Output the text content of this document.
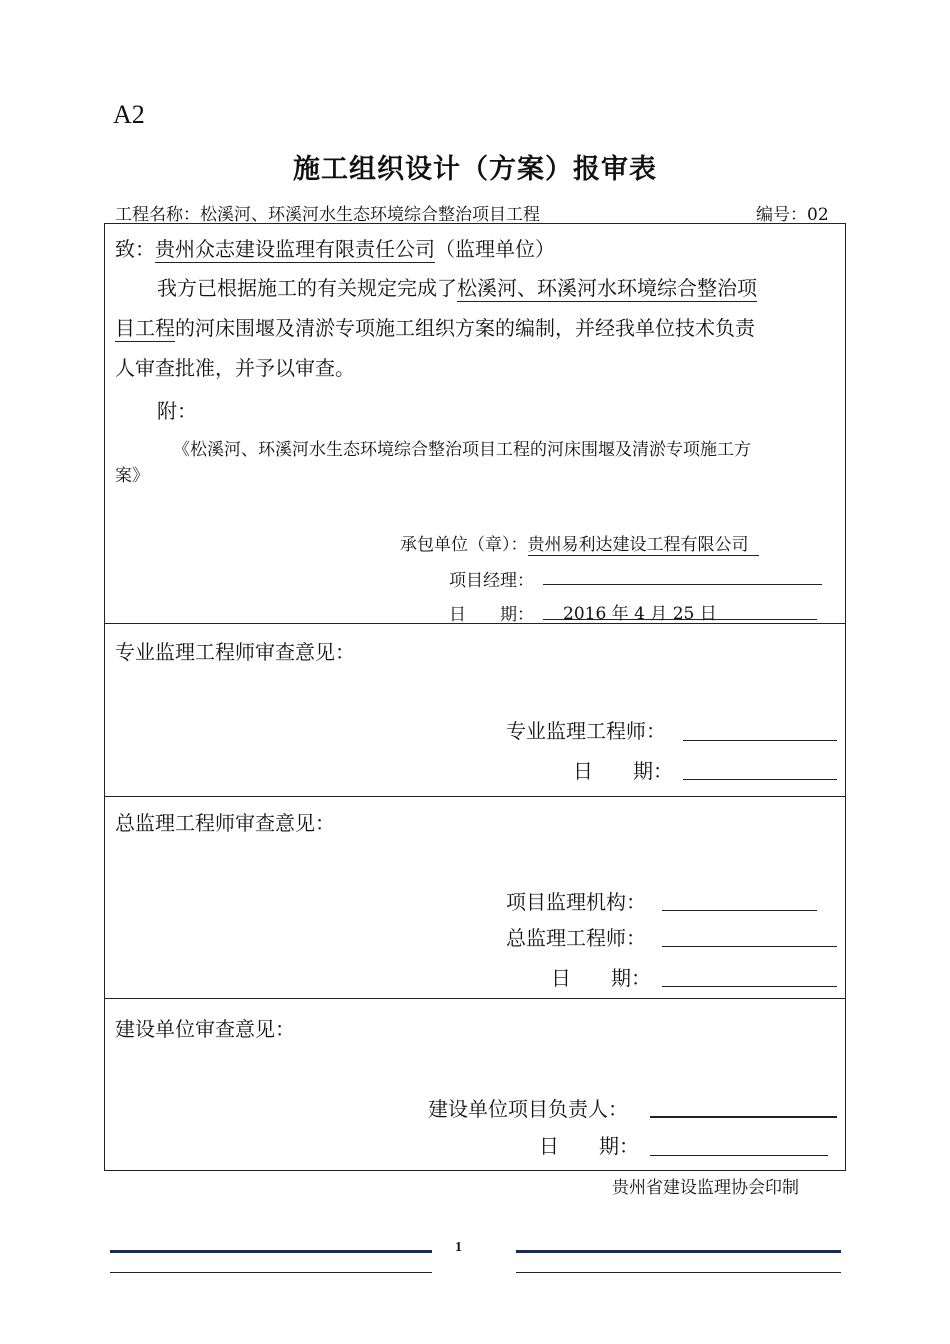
A2
施工组织设计（方案）报审表
工程名称：松溪河、环溪河水生态环境综合整治项目工程	编号：02
致：贵州众志建设监理有限责任公司（监理单位）
我方已根据施工的有关规定完成了松溪河、环溪河水环境综合整治项
目工程的河床围堰及清淤专项施工组织方案的编制，并经我单位技术负责
人审查批准，并予以审查。
附：
《松溪河、环溪河水生态环境综合整治项目工程的河床围堰及清淤专项施工方
案》
承包单位（章）：贵州易利达建设工程有限公司
项目经理：
日　　期： 2016 年 4 月 25 日
专业监理工程师审查意见：
专业监理工程师：
日　　期：
总监理工程师审查意见：
项目监理机构：
总监理工程师：
日　　期：
建设单位审查意见：
建设单位项目负责人：
日　　期：
贵州省建设监理协会印制
1
